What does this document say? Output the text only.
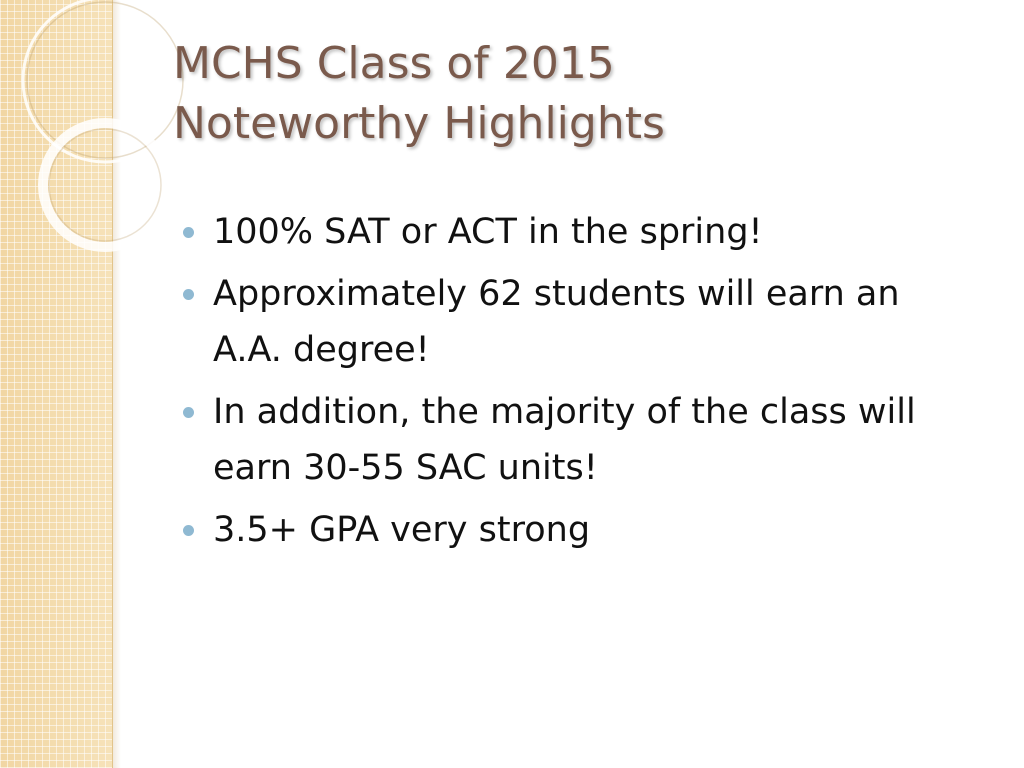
MCHS Class of 2015
Noteworthy Highlights
100% SAT or ACT in the spring!
Approximately 62 students will earn an A.A. degree!
In addition, the majority of the class will earn 30-55 SAC units!
3.5+ GPA very strong
